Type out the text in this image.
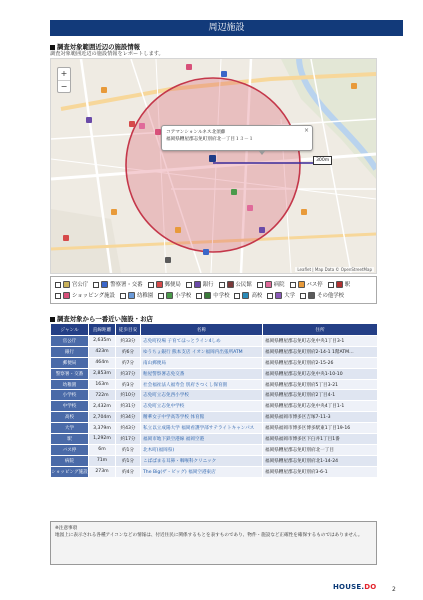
周辺施設
調査対象範囲近辺の施設情報
調査対象範囲近辺の施設情報をレポートします。
+
−
×
コアマンションルネス北須藤
福岡県糟屋郡志免町別府北一丁目１３－１
300m
Leaflet | Map Data © OpenStreetMap
官公庁	警察署・交番	郵便局	銀行	公民館	病院	バス停	駅ショッピング施設	幼稚園	小学校	中学校	高校	大学	その他学校
調査対象から一番近い施設・お店
ジャンル	直線距離	徒歩目安	名称	住所
官公庁	2,635m	約33分	志免町役場 子育てほっとライン4しめ	福岡県糟屋郡志免町志免中央1丁目3-1
銀行	423m	約6分	ゆうちょ銀行 熊本支店 イオン福岡内出張所ATM	福岡県糟屋郡志免町別府2-14-1 1階ATM…
郵便局	464m	約7分	南山郵便局	福岡県糟屋郡志免町別府2-15-26
警察署・交番	2,853m	約37分	粕屋警察署志免交番	福岡県糟屋郡志免町志免中央1-10-10
幼稚園	163m	約3分	社会福祉法人福寿会 別府さつくし保育園	福岡県糟屋郡志免町別府5丁目3-21
小学校	722m	約10分	志免町立志免西小学校	福岡県糟屋郡志免町別府2丁目4-1
中学校	2,432m	約31分	志免町立志免中学校	福岡県糟屋郡志免町志免中央4丁目1-1
高校	2,704m	約34分	精華女子中学高等学校 体育館	福岡県福岡市博多区吉塚7-11-3
大学	3,379m	約43分	私立以立成陽大学 福岡看護学部サテライトキャンパス	福岡県福岡市博多区博多駅東1丁目19-16
駅	1,292m	約17分	福岡市地下鉄空港線 福岡空港	福岡県福岡市博多区下臼井1丁目1番
バス停	6m	約1分	北木町(福岡県)	福岡県糟屋郡志免町別府北一丁目
病院	71m	約1分	こばばまる耳鼻・咽喉科クリニック	福岡県糟屋郡志免町別府北1-14-24
ショッピング施設	273m	約4分	The Big(ザ・ビッグ) 福岡空港東店	福岡県糟屋郡志免町別府3-6-1
※注意事項
地図上に表示される各種アイコンなどの情報は、付近住民に関係するもとを表すものであり、物件・施設など正確性を確保するものではありません。
HOUSE.DO	2
